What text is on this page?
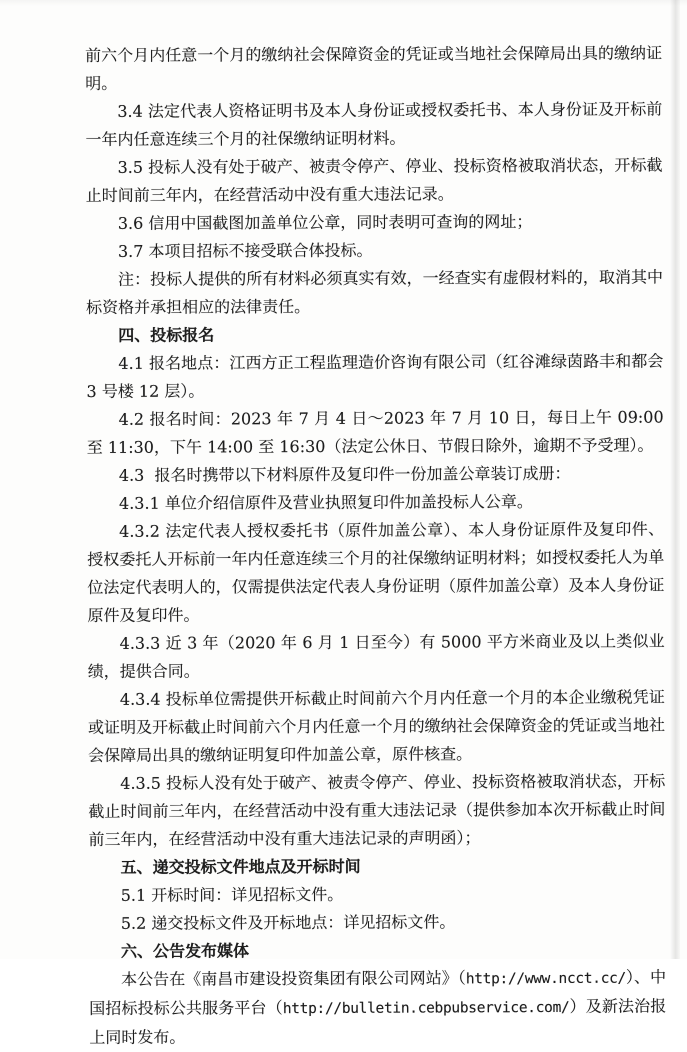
前六个月内任意一个月的缴纳社会保障资金的凭证或当地社会保障局出具的缴纳证明。

3.4 法定代表人资格证明书及本人身份证或授权委托书、本人身份证及开标前一年内任意连续三个月的社保缴纳证明材料。

3.5 投标人没有处于破产、被责令停产、停业、投标资格被取消状态，开标截止时间前三年内，在经营活动中没有重大违法记录。

3.6 信用中国截图加盖单位公章，同时表明可查询的网址；

3.7 本项目招标不接受联合体投标。

注：投标人提供的所有材料必须真实有效，一经查实有虚假材料的，取消其中标资格并承担相应的法律责任。

四、投标报名

4.1 报名地点：江西方正工程监理造价咨询有限公司（红谷滩绿茵路丰和都会 3 号楼 12 层）。

4.2 报名时间：2023 年 7 月 4 日～2023 年 7 月 10 日，每日上午 09:00 至 11:30，下午 14:00 至 16:30（法定公休日、节假日除外，逾期不予受理）。

4.3  报名时携带以下材料原件及复印件一份加盖公章装订成册：

4.3.1 单位介绍信原件及营业执照复印件加盖投标人公章。

4.3.2 法定代表人授权委托书（原件加盖公章）、本人身份证原件及复印件、授权委托人开标前一年内任意连续三个月的社保缴纳证明材料；如授权委托人为单位法定代表明人的，仅需提供法定代表人身份证明（原件加盖公章）及本人身份证原件及复印件。

4.3.3 近 3 年（2020 年 6 月 1 日至今）有 5000 平方米商业及以上类似业绩，提供合同。

4.3.4 投标单位需提供开标截止时间前六个月内任意一个月的本企业缴税凭证或证明及开标截止时间前六个月内任意一个月的缴纳社会保障资金的凭证或当地社会保障局出具的缴纳证明复印件加盖公章，原件核查。

4.3.5 投标人没有处于破产、被责令停产、停业、投标资格被取消状态，开标截止时间前三年内，在经营活动中没有重大违法记录（提供参加本次开标截止时间前三年内，在经营活动中没有重大违法记录的声明函）；

五、递交投标文件地点及开标时间

5.1 开标时间：详见招标文件。

5.2 递交投标文件及开标地点：详见招标文件。

六、公告发布媒体

本公告在《南昌市建设投资集团有限公司网站》（http://www.ncct.cc/）、中国招标投标公共服务平台（http://bulletin.cebpubservice.com/）及新法治报上同时发布。
